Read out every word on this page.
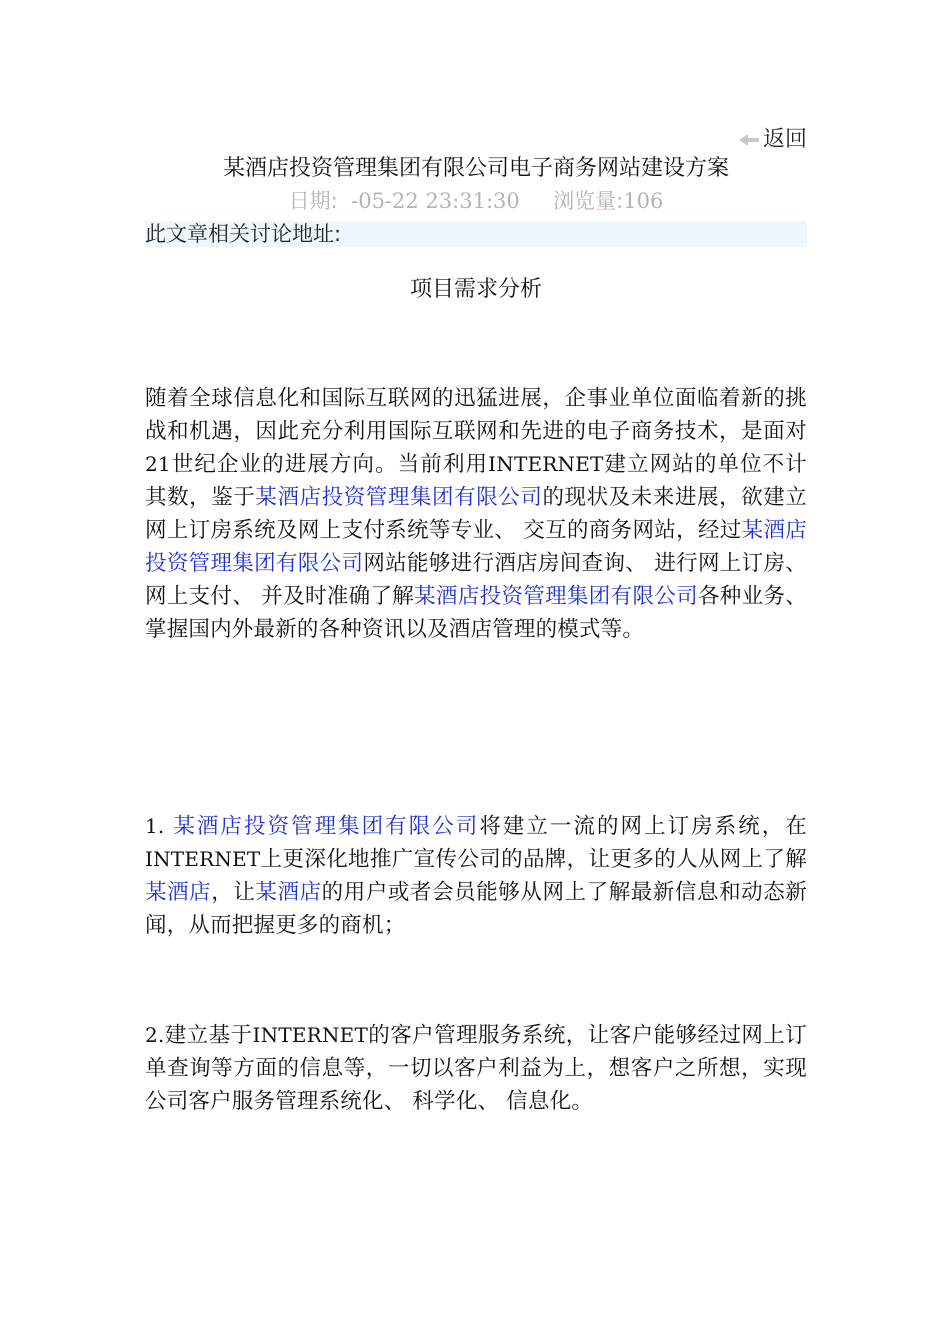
返回
某酒店投资管理集团有限公司电子商务网站建设方案
日期: -05-22 23:31:30 浏览量:106
此文章相关讨论地址:
项目需求分析
随着全球信息化和国际互联网的迅猛进展，企事业单位面临着新的挑战和机遇，因此充分利用国际互联网和先进的电子商务技术，是面对21世纪企业的进展方向。当前利用INTERNET建立网站的单位不计其数，鉴于某酒店投资管理集团有限公司的现状及未来进展，欲建立网上订房系统及网上支付系统等专业、 交互的商务网站，经过某酒店投资管理集团有限公司网站能够进行酒店房间查询、 进行网上订房、 网上支付、 并及时准确了解某酒店投资管理集团有限公司各种业务、 掌握国内外最新的各种资讯以及酒店管理的模式等。
1. 某酒店投资管理集团有限公司将建立一流的网上订房系统，在INTERNET上更深化地推广宣传公司的品牌，让更多的人从网上了解某酒店，让某酒店的用户或者会员能够从网上了解最新信息和动态新闻，从而把握更多的商机；
2.建立基于INTERNET的客户管理服务系统，让客户能够经过网上订单查询等方面的信息等，一切以客户利益为上，想客户之所想，实现公司客户服务管理系统化、 科学化、 信息化。
